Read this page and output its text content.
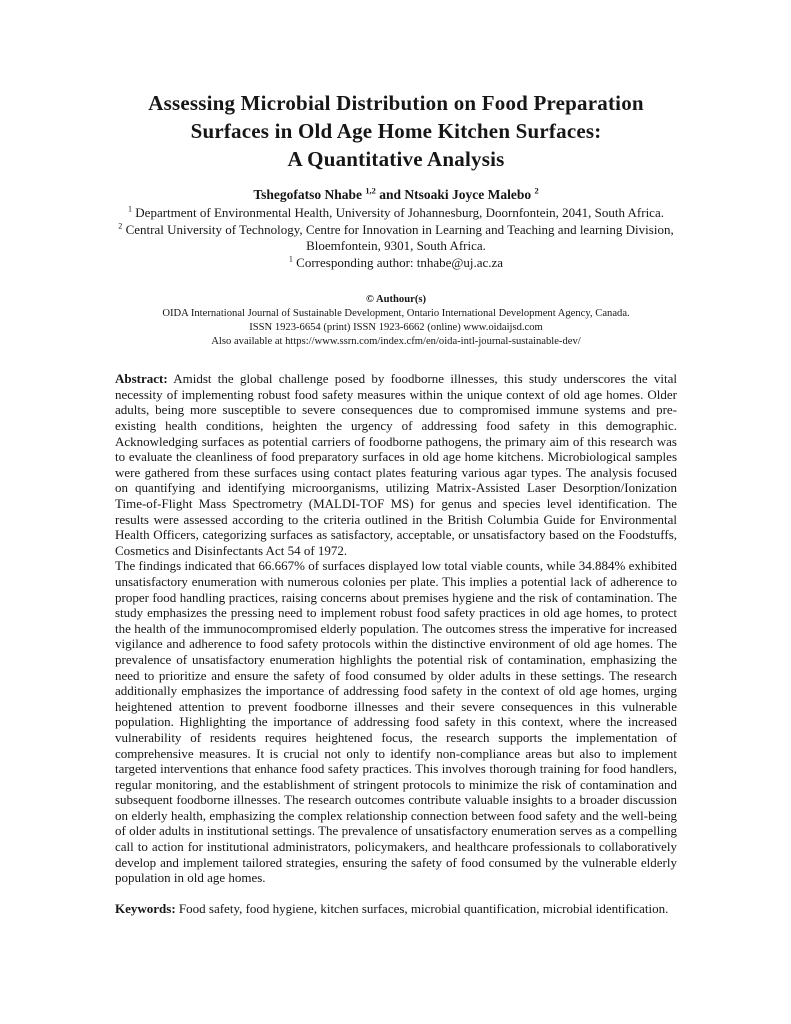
Assessing Microbial Distribution on Food Preparation
Surfaces in Old Age Home Kitchen Surfaces:
A Quantitative Analysis

Tshegofatso Nhabe $^{1,2}$ and Ntsoaki Joyce Malebo $^2$

$^1$ Department of Environmental Health, University of Johannesburg, Doornfontein, 2041, South Africa.

$^2$ Central University of Technology, Centre for Innovation in Learning and Teaching and learning Division, Bloemfontein, 9301, South Africa.

$^1$ Corresponding author: tnhabe@uj.ac.za

© Authour(s)

OIDA International Journal of Sustainable Development, Ontario International Development Agency, Canada.

ISSN 1923-6654 (print) ISSN 1923-6662 (online) www.oidaijsd.com

Also available at https://www.ssrn.com/index.cfm/en/oida-intl-journal-sustainable-dev/

Abstract: Amidst the global challenge posed by foodborne illnesses, this study underscores the vital necessity of implementing robust food safety measures within the unique context of old age homes. Older adults, being more susceptible to severe consequences due to compromised immune systems and pre-existing health conditions, heighten the urgency of addressing food safety in this demographic. Acknowledging surfaces as potential carriers of foodborne pathogens, the primary aim of this research was to evaluate the cleanliness of food preparatory surfaces in old age home kitchens. Microbiological samples were gathered from these surfaces using contact plates featuring various agar types. The analysis focused on quantifying and identifying microorganisms, utilizing Matrix-Assisted Laser Desorption/Ionization Time-of-Flight Mass Spectrometry (MALDI-TOF MS) for genus and species level identification. The results were assessed according to the criteria outlined in the British Columbia Guide for Environmental Health Officers, categorizing surfaces as satisfactory, acceptable, or unsatisfactory based on the Foodstuffs, Cosmetics and Disinfectants Act 54 of 1972.

The findings indicated that 66.667% of surfaces displayed low total viable counts, while 34.884% exhibited unsatisfactory enumeration with numerous colonies per plate. This implies a potential lack of adherence to proper food handling practices, raising concerns about premises hygiene and the risk of contamination. The study emphasizes the pressing need to implement robust food safety practices in old age homes, to protect the health of the immunocompromised elderly population. The outcomes stress the imperative for increased vigilance and adherence to food safety protocols within the distinctive environment of old age homes. The prevalence of unsatisfactory enumeration highlights the potential risk of contamination, emphasizing the need to prioritize and ensure the safety of food consumed by older adults in these settings. The research additionally emphasizes the importance of addressing food safety in the context of old age homes, urging heightened attention to prevent foodborne illnesses and their severe consequences in this vulnerable population. Highlighting the importance of addressing food safety in this context, where the increased vulnerability of residents requires heightened focus, the research supports the implementation of comprehensive measures. It is crucial not only to identify non-compliance areas but also to implement targeted interventions that enhance food safety practices. This involves thorough training for food handlers, regular monitoring, and the establishment of stringent protocols to minimize the risk of contamination and subsequent foodborne illnesses. The research outcomes contribute valuable insights to a broader discussion on elderly health, emphasizing the complex relationship connection between food safety and the well-being of older adults in institutional settings. The prevalence of unsatisfactory enumeration serves as a compelling call to action for institutional administrators, policymakers, and healthcare professionals to collaboratively develop and implement tailored strategies, ensuring the safety of food consumed by the vulnerable elderly population in old age homes.

Keywords: Food safety, food hygiene, kitchen surfaces, microbial quantification, microbial identification.
